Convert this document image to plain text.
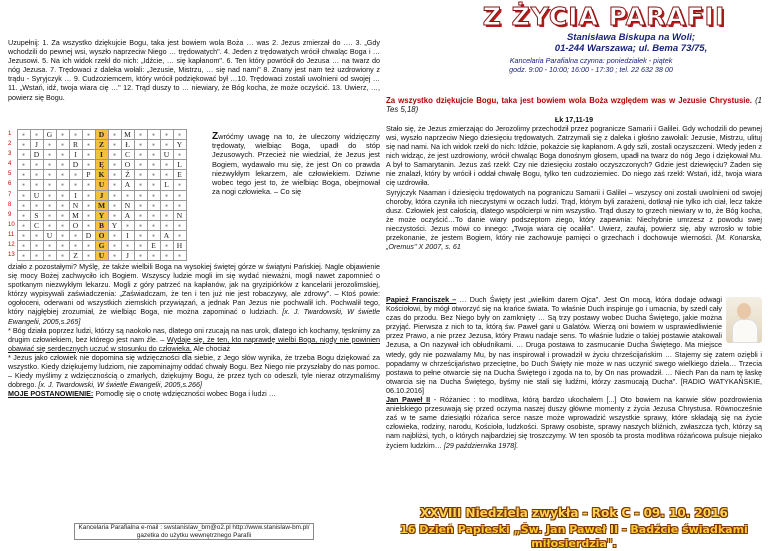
Uzupełnij: 1. Za wszystko dziękujcie Bogu, taka jest bowiem wola Boża … was 2. Jezus zmierzał do …. 3. „Gdy wchodzili do pewnej wsi, wyszło naprzeciw Niego … trędowatych". 4. Jeden z trędowatych wrócił chwaląc Boga i … Jezusowi. 5. Na ich widok rzekł do nich: „Idźcie, … się kapłanom". 6. Ten który powrócił do Jezusa … na twarz do nóg Jezusa. 7. Trędowaci z daleka wołali: „Jezusie, Mistrzu, … się nad nami" 8. Znany jest nam też uzdrowiony z trądu - Syryjczyk … 9. Cudzoziemcem, który wrócił podziękować był …10. Trędowaci zostali uwolnieni od swojej … 11. „Wstań, idź, twoja wiara cię …" 12. Trąd duszy to … niewiary, że Bóg kocha, że może oczyścić. 13. Uwierz, …, powierz się Bogu.
1	▪	▪	G	▪	▪	▪	D	▪	M	▪	▪	▪	▪
2	▪	J	▪	▪	R	▪	Z	▪	Ł	▪	▪	▪	Y
3	▪	D	▪	▪	I	▪	I	▪	C	▪	▪	U	▪
4	▪	▪	▪	▪	D	▪	Ę	▪	O	▪	▪	▪	L
5	▪	▪	▪	▪	▪	P	K	▪	Ź	▪	▪	▪	E
6	▪	▪	▪	▪	▪	▪	U	▪	A	▪	▪	L	▪
7	▪	U	▪	▪	I	▪	J	▪	▪	▪	▪	▪	▪
8	▪	▪	▪	▪	N	▪	M	▪	N	▪	▪	▪	▪
9	▪	S	▪	▪	M	▪	Y	▪	A	▪	▪	▪	N
10	▪	C	▪	▪	O	▪	B	Y	▪	▪	▪	▪	▪
11	▪	▪	U	▪	▪	D	O	▪	I	▪	▪	A	▪
12	▪	▪	▪	▪	▪	▪	G	▪	▪	▪	E	▪	H
13	▪	▪	▪	▪	Z	▪	U	▪	J	▪	▪	▪	▪
Zwróćmy uwagę na to, że uleczony widzięczny trędowaty, wielbiąc Boga, upadł do stóp Jezusowych. Przecież nie wiedział, że Jezus jest Bogiem, wydawało mu się, że jest On co prawda niezwykłym lekarzem, ale człowiekiem. Dziwne wobec tego jest to, że wielbiąc Boga, obejmował za nogi człowieka. – Co się

działo z pozostałymi? Myślę, że także wielbili Boga na wysokiej świętej górze w świątyni Pańskiej. Nagle objawienie się mocy Bożej zachwyciło ich Bogiem. Wszyscy ludzie mogli im się wydać nieważni, mogli nawet zapomnieć o spotkanym niezwykłym lekarzu. Mogli z góry patrzeć na kapłanów, jak na gryzipiórków z kancelarii jerozolimskiej, którzy wypisywali zaświadczenia: „Zaświadczam, że ten i ten już nie jest robaczywy, ale zdrowy". – Ktoś powie: ogołoceni, oderwani od wszystkich ziemskich przywiązań, a jednak Pan Jezus nie pochwalił ich. Pochwalił tego, który najgłębiej zrozumiał, że wielbiąc Boga, nie można zapominać o ludziach. [x. J. Twardowski, W świetle Ewangelii, 2005,s.265]

* Bóg działa poprzez ludzi, którzy są naokoło nas, dlatego oni rzucają na nas urok, dlatego ich kochamy, tęsknimy za drugim człowiekiem, bez którego jest nam źle. – Wydaje się, że ten, kto naprawdę wielbi Boga, nigdy nie powinien obawiać się serdecznych uczuć w stosunku do człowieka. Ale chociaż

* Jezus jako człowiek nie dopomina się wdzięczności dla siebie, z Jego słów wynika, że trzeba Bogu dziękować za wszystko. Kiedy dziękujemy ludziom, nie zapominajmy oddać chwały Bogu. Bez Niego nie przyszłaby do nas pomoc. – Kiedy myślimy z wdzięcznością o zmarłych, dziękujmy Bogu, że przez tych co odeszli, tyle nieraz otrzymaliśmy dobrego. [x. J. Twardowski, W świetle Ewangelii, 2005,s.266]

MOJE POSTANOWIENIE: Pomodlę się o cnotę wdzięczności wobec Boga i ludzi …

Kancelaria Parafialna e-mail : swstanislaw_bm@o2.pl http://www.stanislaw-bm.pl/
gazetka do użytku wewnętrznego Parafii
Z ŻYCIA PARAFII
Stanisława Biskupa na Woli;
01-244 Warszawa; ul. Bema 73/75,
Kancelaria Parafialna czynna: poniedziałek - piątek
godz. 9:00 - 10:00; 16:00 - 17:30 ; tel. 22 632 38 00

Za wszystko dziękujcie Bogu, taka jest bowiem wola Boża względem was w Jezusie Chrystusie. (1 Tes 5,18)

Łk 17,11-19

Stało się, że Jezus zmierzając do Jerozolimy przechodził przez pogranicze Samarii i Galilei. Gdy wchodzili do pewnej wsi, wyszło naprzeciw Niego dziesięciu trędowatych. Zatrzymali się z daleka i głośno zawołali: Jezusie, Mistrzu, ulituj się nad nami. Na ich widok rzekł do nich: Idźcie, pokażcie się kapłanom. A gdy szli, zostali oczyszczeni. Wtedy jeden z nich widząc, że jest uzdrowiony, wrócił chwaląc Boga donośnym głosem, upadł na twarz do nóg Jego i dziękował Mu. A był to Samarytanin. Jezus zaś rzekł: Czy nie dziesięciu zostało oczyszczonych? Gdzie jest dziewięciu? Żaden się nie znalazł, który by wrócił i oddał chwałę Bogu, tylko ten cudzoziemiec. Do niego zaś rzekł: Wstań, idź, twoja wiara cię uzdrowiła.

Syryjczyk Naaman i dziesięciu trędowatych na pograniczu Samarii i Galilei – wszyscy oni zostali uwolnieni od swojej choroby, która czyniła ich nieczystymi w oczach ludzi. Trąd, którym byli zarażeni, dotknął nie tylko ich ciał, lecz także dusz. Człowiek jest całością, dlatego współcierpi w nim wszystko. Trąd duszy to grzech niewiary w to, że Bóg kocha, że może oczyścić…To danie wiary podszeptom ziego, który zapewnia: Niechybnie umrzesz z powodu swej nieczystości. Jezus mówi co innego: „Twoja wiara cię ocaliła". Uwierz, zaufaj, powierz się, aby wzrosło w tobie przekonanie, że jestem Bogiem, który nie zachowuje pamięci o grzechach i dochowuje wierności. [M. Konarska, „Oremus" X 2007, s. 61

Papież Franciszek – … Duch Święty jest „wielkim darem Ojca". Jest On mocą, która dodaje odwagi Kościołowi, by mógł otworzyć się na krańce świata. To właśnie Duch inspiruje go i umacnia, by szedł cały czas do przodu. Bez Niego były on zamknięty … Są trzy postawy wobec Ducha Świętego, jakie można przyjąć. Pierwsza z nich to ta, którą św. Paweł gani u Galatów. Wierzą oni bowiem w usprawiedliwienie przez Prawo, a nie przez Jezusa, który Prawu nadaje sens. To właśnie ludzie o takiej postawie atakowali Jezusa, a On nazywał ich obłudnikami. … Druga postawa to zasmucanie Ducha Świętego. Ma miejsce wtedy, gdy nie pozwalamy Mu, by nas inspirował i prowadził w życiu chrześcijańskim … Stajemy się zatem oziębli i popadamy w chrześcijaństwo przeciętne, bo Duch Święty nie może w nas uczynić swego wielkiego dzieła… Trzecia postawa to pełne otwarcie się na Ducha Świętego i zgoda na to, by On nas prowadził. … Niech Pan da nam tę łaskę otwarcia się na Ducha Świętego, byśmy nie stali się ludźmi, którzy zasmucają Ducha". [RADIO WATYKAŃSKIE, 06.10.2016]

Jan Paweł II - Różaniec : to modlitwa, którą bardzo ukochałem [...] Oto bowiem na kanwie słów pozdrowienia anielskiego przesuwają się przed oczyma naszej duszy główne momenty z życia Jezusa Chrystusa. Równocześnie zaś w te same dziesiątki różańca serce nasze może wprowadzić wszystkie sprawy, które składają się na życie człowieka, rodziny, narodu, Kościoła, ludzkości. Sprawy osobiste, sprawy naszych bliźnich, zwłaszcza tych, którzy są nam najbliżsi, tych, o których najbardziej się troszczymy. W ten sposób ta prosta modlitwa różańcowa pulsuje niejako życiem ludzkim… [29 października 1978].

XXVIII Niedziela zwykła - Rok C - 09. 10. 2016
16 Dzień Papieski „Św. Jan Paweł II - Badźcie świadkami miłosierdzia".
